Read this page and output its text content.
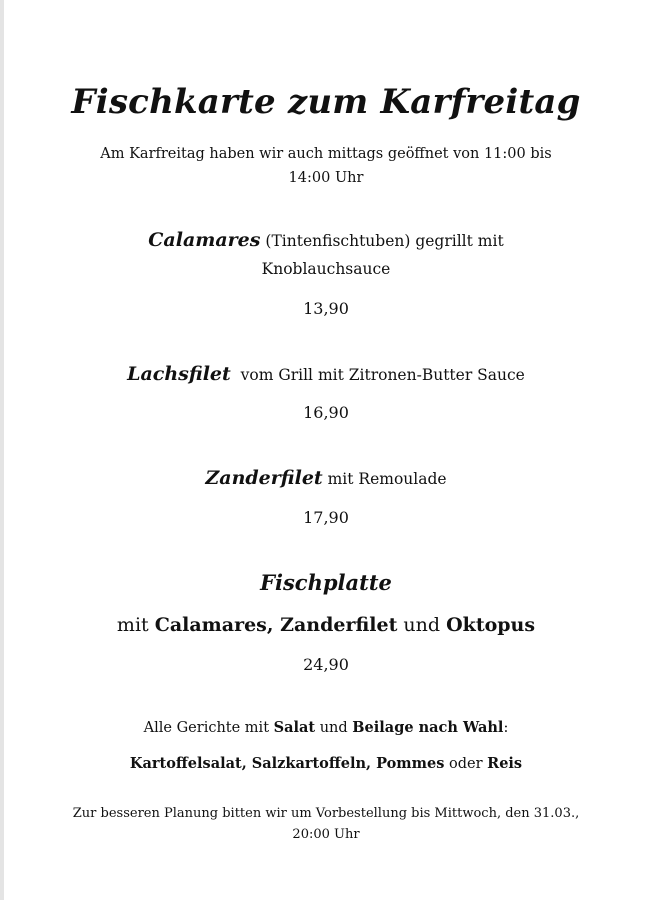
Fischkarte zum Karfreitag
Am Karfreitag haben wir auch mittags geöffnet von 11:00 bis
14:00 Uhr
Calamares (Tintenfischtuben) gegrillt mit
Knoblauchsauce
13,90
Lachsfilet  vom Grill mit Zitronen-Butter Sauce
16,90
Zanderfilet mit Remoulade
17,90
Fischplatte
mit Calamares, Zanderfilet und Oktopus
24,90
Alle Gerichte mit Salat und Beilage nach Wahl:
Kartoffelsalat, Salzkartoffeln, Pommes oder Reis
Zur besseren Planung bitten wir um Vorbestellung bis Mittwoch, den 31.03.,
20:00 Uhr
